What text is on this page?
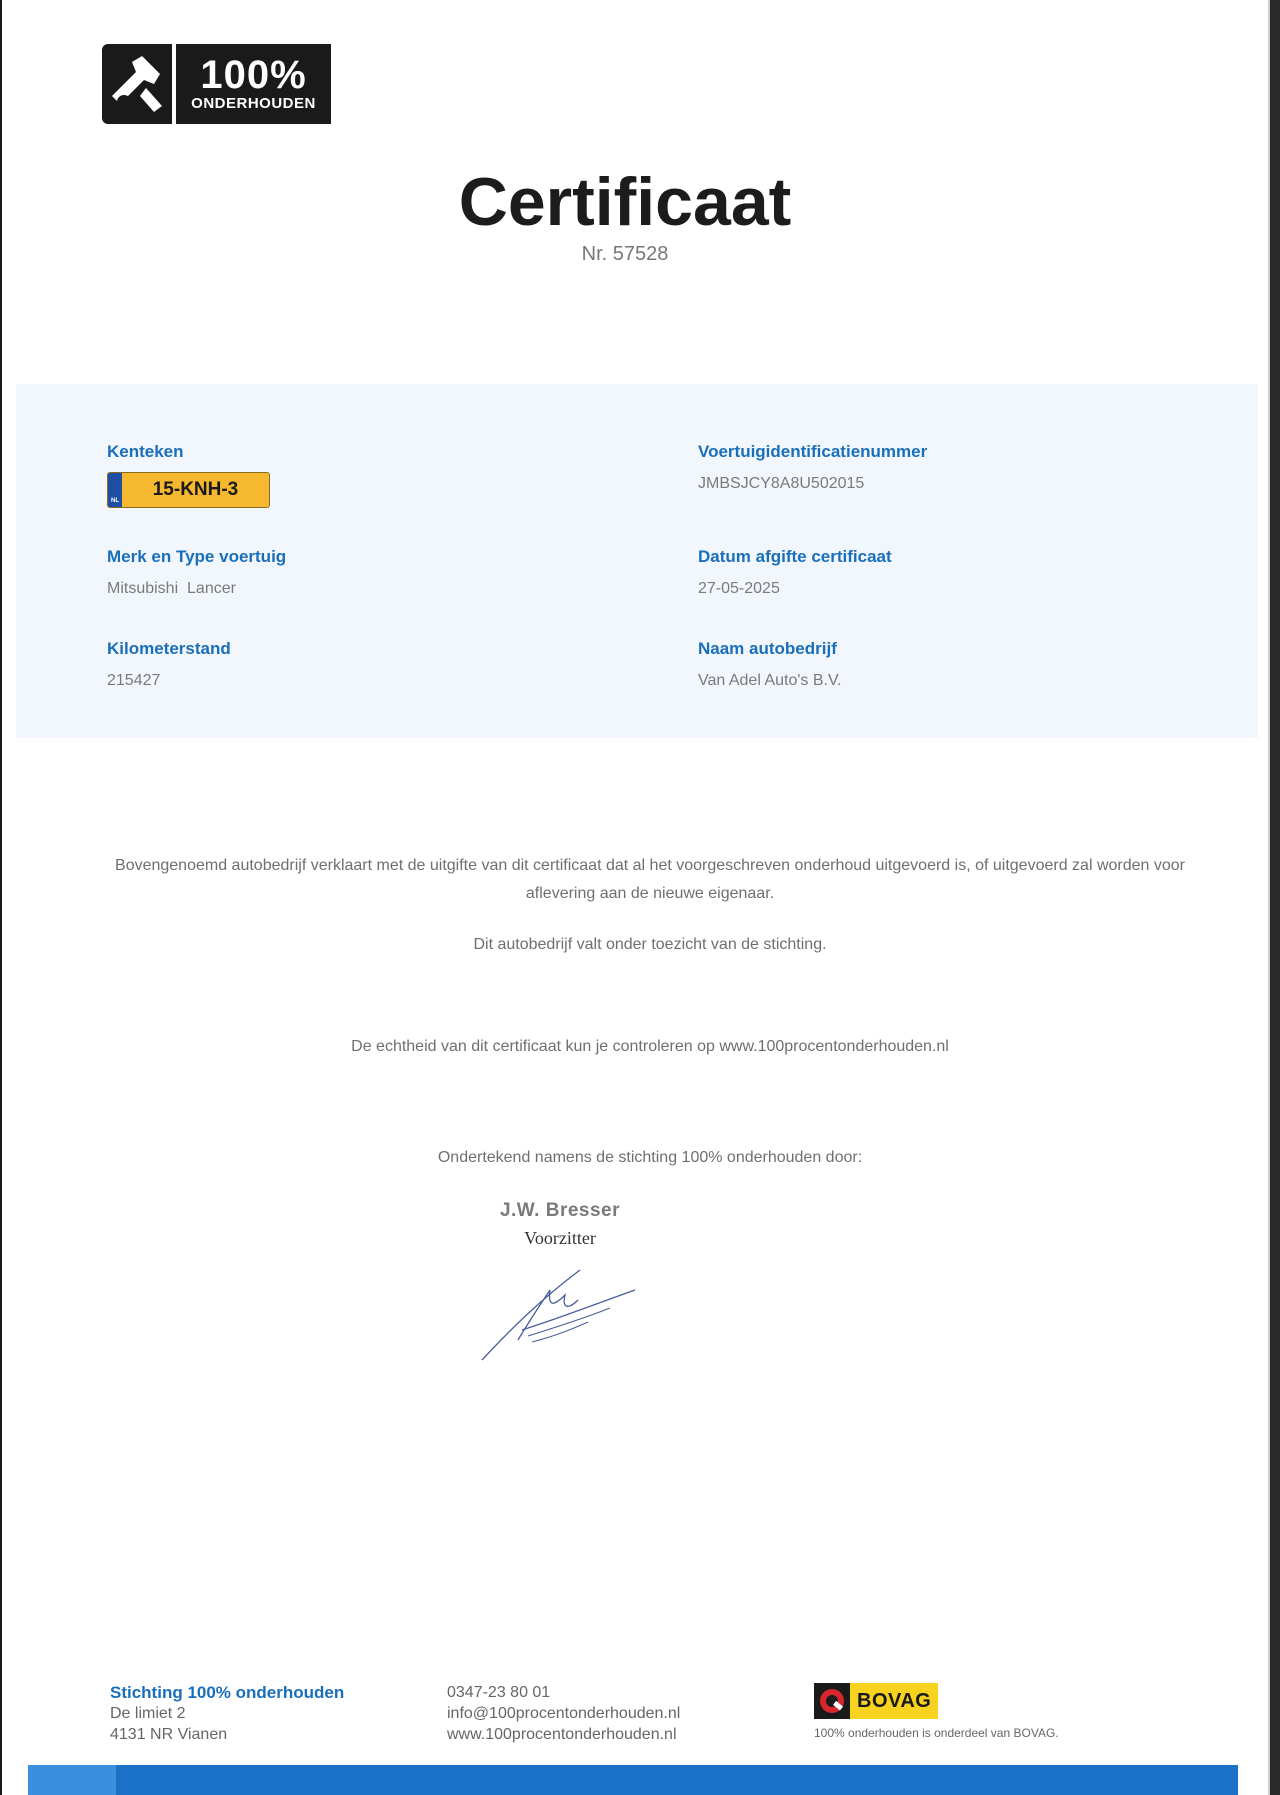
100%
ONDERHOUDEN
Certificaat
Nr. 57528
Kenteken
NL
15-KNH-3
Merk en Type voertuig
Mitsubishi  Lancer
Kilometerstand
215427
Voertuigidentificatienummer
JMBSJCY8A8U502015
Datum afgifte certificaat
27-05-2025
Naam autobedrijf
Van Adel Auto's B.V.
Bovengenoemd autobedrijf verklaart met de uitgifte van dit certificaat dat al het voorgeschreven onderhoud uitgevoerd is, of uitgevoerd zal worden voor
aflevering aan de nieuwe eigenaar.
Dit autobedrijf valt onder toezicht van de stichting.
De echtheid van dit certificaat kun je controleren op www.100procentonderhouden.nl
Ondertekend namens de stichting 100% onderhouden door:
J.W. Bresser
Voorzitter
Stichting 100% onderhouden
De limiet 2
4131 NR Vianen
0347-23 80 01
info@100procentonderhouden.nl
www.100procentonderhouden.nl
BOVAG
100% onderhouden is onderdeel van BOVAG.
